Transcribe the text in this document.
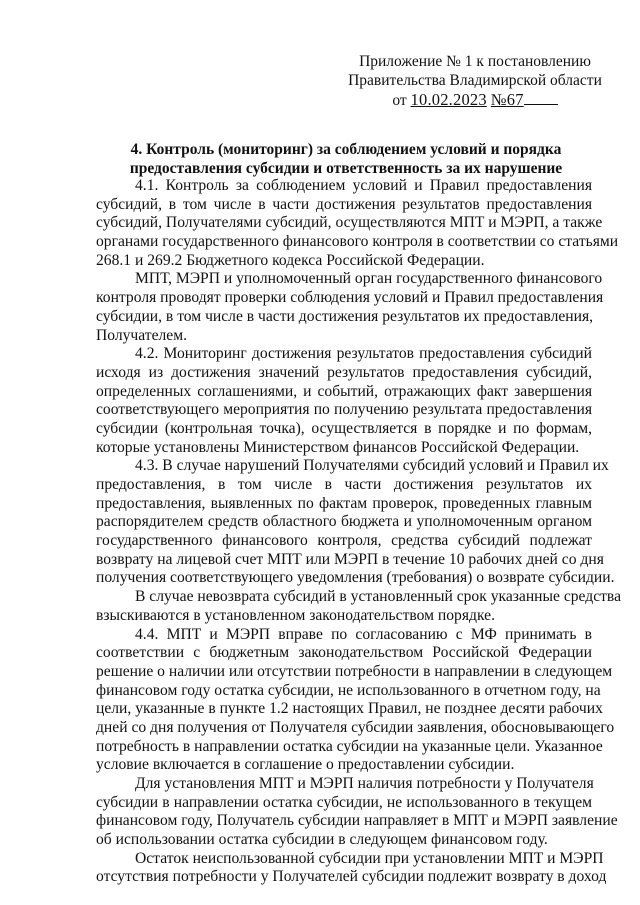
Приложение № 1 к постановлению
Правительства Владимирской области
от 10.02.2023 №67
4. Контроль (мониторинг) за соблюдением условий и порядка
предоставления субсидии и ответственность за их нарушение
4.1. Контроль за соблюдением условий и Правил предоставления
субсидий, в том числе в части достижения результатов предоставления
субсидий, Получателями субсидий, осуществляются МПТ и МЭРП, а также
органами государственного финансового контроля в соответствии со статьями
268.1 и 269.2 Бюджетного кодекса Российской Федерации.
МПТ, МЭРП и уполномоченный орган государственного финансового
контроля проводят проверки соблюдения условий и Правил предоставления
субсидии, в том числе в части достижения результатов их предоставления,
Получателем.
4.2. Мониторинг достижения результатов предоставления субсидий
исходя из достижения значений результатов предоставления субсидий,
определенных соглашениями, и событий, отражающих факт завершения
соответствующего мероприятия по получению результата предоставления
субсидии (контрольная точка), осуществляется в порядке и по формам,
которые установлены Министерством финансов Российской Федерации.
4.3. В случае нарушений Получателями субсидий условий и Правил их
предоставления, в том числе в части достижения результатов их
предоставления, выявленных по фактам проверок, проведенных главным
распорядителем средств областного бюджета и уполномоченным органом
государственного финансового контроля, средства субсидий подлежат
возврату на лицевой счет МПТ или МЭРП в течение 10 рабочих дней со дня
получения соответствующего уведомления (требования) о возврате субсидии.
В случае невозврата субсидий в установленный срок указанные средства
взыскиваются в установленном законодательством порядке.
4.4. МПТ и МЭРП вправе по согласованию с МФ принимать в
соответствии с бюджетным законодательством Российской Федерации
решение о наличии или отсутствии потребности в направлении в следующем
финансовом году остатка субсидии, не использованного в отчетном году, на
цели, указанные в пункте 1.2 настоящих Правил, не позднее десяти рабочих
дней со дня получения от Получателя субсидии заявления, обосновывающего
потребность в направлении остатка субсидии на указанные цели. Указанное
условие включается в соглашение о предоставлении субсидии.
Для установления МПТ и МЭРП наличия потребности у Получателя
субсидии в направлении остатка субсидии, не использованного в текущем
финансовом году, Получатель субсидии направляет в МПТ и МЭРП заявление
об использовании остатка субсидии в следующем финансовом году.
Остаток неиспользованной субсидии при установлении МПТ и МЭРП
отсутствия потребности у Получателей субсидии подлежит возврату в доход
